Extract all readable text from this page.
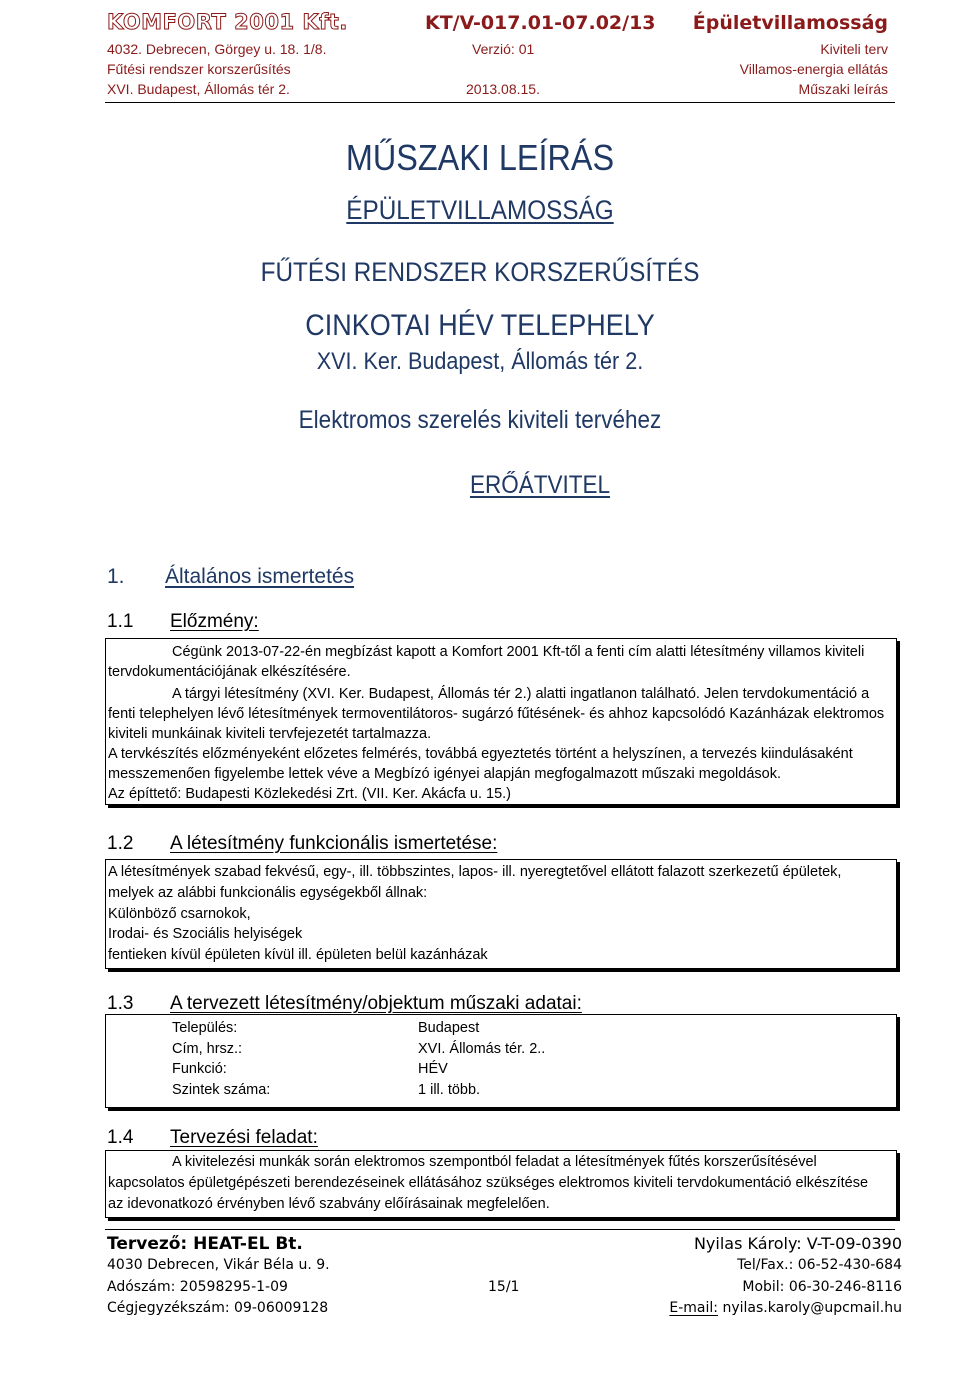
KOMFORT 2001 Kft.	KT/V-017.01-07.02/13 Épületvillamosság
4032. Debrecen, Görgey u. 18. 1/8.	Verzió: 01	Kiviteli terv
Fűtési rendszer korszerűsítés	Villamos-energia ellátás
XVI. Budapest, Állomás tér 2.	2013.08.15.	Műszaki leírás
MŰSZAKI LEÍRÁS
ÉPÜLETVILLAMOSSÁG
FŰTÉSI RENDSZER KORSZERŰSÍTÉS
CINKOTAI HÉV TELEPHELY
XVI. Ker. Budapest, Állomás tér 2.
Elektromos szerelés kiviteli tervéhez
ERŐÁTVITEL
1. Általános ismertetés
1.1 Előzmény:
Cégünk 2013-07-22-én megbízást kapott a Komfort 2001 Kft-től a fenti cím alatti létesítmény villamos kiviteli
tervdokumentációjának elkészítésére.
A tárgyi létesítmény (XVI. Ker. Budapest, Állomás tér 2.) alatti ingatlanon található. Jelen tervdokumentáció a
fenti telephelyen lévő létesítmények termoventilátoros- sugárzó fűtésének- és ahhoz kapcsolódó Kazánházak elektromos
kiviteli munkáinak kiviteli tervfejezetét tartalmazza.
A tervkészítés előzményeként előzetes felmérés, továbbá egyeztetés történt a helyszínen, a tervezés kiindulásaként
messzemenően figyelembe lettek véve a Megbízó igényei alapján megfogalmazott műszaki megoldások.
Az építtető: Budapesti Közlekedési Zrt. (VII. Ker. Akácfa u. 15.)
1.2 A létesítmény funkcionális ismertetése:
A létesítmények szabad fekvésű, egy-, ill. többszintes, lapos- ill. nyeregtetővel ellátott falazott szerkezetű épületek,
melyek az alábbi funkcionális egységekből állnak:
Különböző csarnokok,
Irodai- és Szociális helyiségek
fentieken kívül épületen kívül ill. épületen belül kazánházak
1.3 A tervezett létesítmény/objektum műszaki adatai:
Település:	Budapest
Cím, hrsz.:	XVI. Állomás tér. 2..
Funkció:	HÉV
Szintek száma:	1 ill. több.
1.4 Tervezési feladat:
A kivitelezési munkák során elektromos szempontból feladat a létesítmények fűtés korszerűsítésével
kapcsolatos épületgépészeti berendezéseinek ellátásához szükséges elektromos kiviteli tervdokumentáció elkészítése
az idevonatkozó érvényben lévő szabvány előírásainak megfelelően.
Tervező: HEAT-EL Bt.	Nyilas Károly: V-T-09-0390
4030 Debrecen, Vikár Béla u. 9.	Tel/Fax.: 06-52-430-684
Adószám: 20598295-1-09	15/1	Mobil: 06-30-246-8116
Cégjegyzékszám: 09-06009128	E-mail: nyilas.karoly@upcmail.hu
